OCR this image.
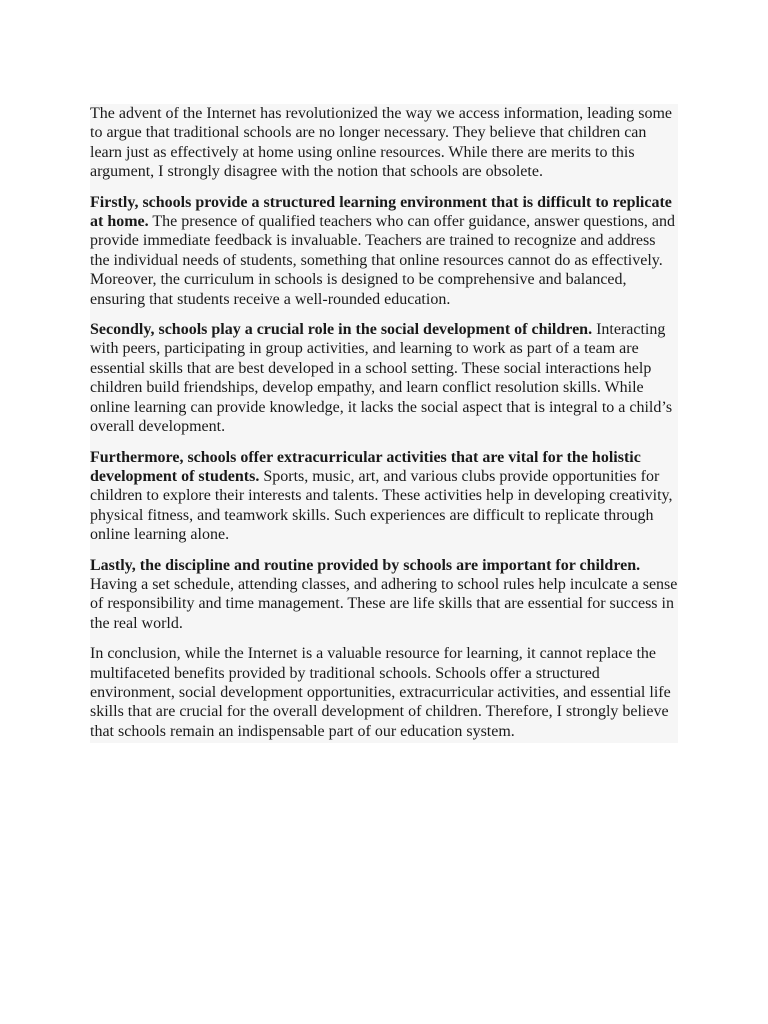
The advent of the Internet has revolutionized the way we access information, leading some to argue that traditional schools are no longer necessary. They believe that children can learn just as effectively at home using online resources. While there are merits to this argument, I strongly disagree with the notion that schools are obsolete.

Firstly, schools provide a structured learning environment that is difficult to replicate at home. The presence of qualified teachers who can offer guidance, answer questions, and provide immediate feedback is invaluable. Teachers are trained to recognize and address the individual needs of students, something that online resources cannot do as effectively. Moreover, the curriculum in schools is designed to be comprehensive and balanced, ensuring that students receive a well-rounded education.

Secondly, schools play a crucial role in the social development of children. Interacting with peers, participating in group activities, and learning to work as part of a team are essential skills that are best developed in a school setting. These social interactions help children build friendships, develop empathy, and learn conflict resolution skills. While online learning can provide knowledge, it lacks the social aspect that is integral to a child’s overall development.

Furthermore, schools offer extracurricular activities that are vital for the holistic development of students. Sports, music, art, and various clubs provide opportunities for children to explore their interests and talents. These activities help in developing creativity, physical fitness, and teamwork skills. Such experiences are difficult to replicate through online learning alone.

Lastly, the discipline and routine provided by schools are important for children. Having a set schedule, attending classes, and adhering to school rules help inculcate a sense of responsibility and time management. These are life skills that are essential for success in the real world.

In conclusion, while the Internet is a valuable resource for learning, it cannot replace the multifaceted benefits provided by traditional schools. Schools offer a structured environment, social development opportunities, extracurricular activities, and essential life skills that are crucial for the overall development of children. Therefore, I strongly believe that schools remain an indispensable part of our education system.
